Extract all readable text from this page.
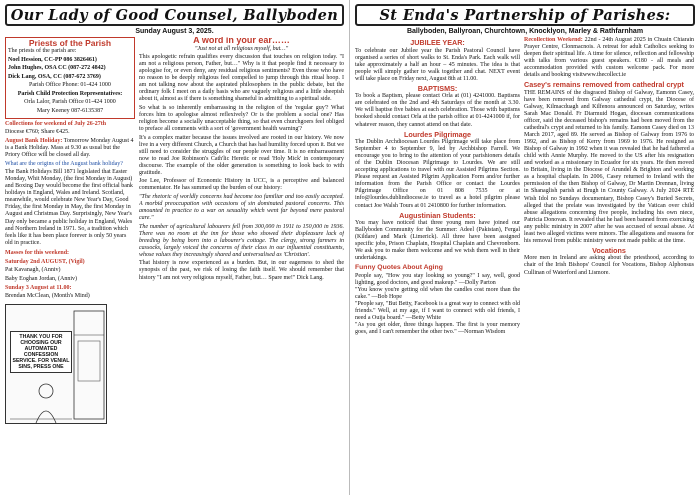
Our Lady of Good Counsel, Ballyboden
Sunday August 3, 2025.
Priests of the Parish
The priests of the parish are:
Noel Hession, CC-PP 086 3826461)
John Hughes, OSA CC (087-272 4842)
Dick Lang, OSA, CC (087-672 3769)
Parish Office Phone: 01-424 1000
Parish Child Protection Representatives:
Orla Lalor, Parish Office 01-424 1000
Mary Keeney 087-6135387
Collections for weekend of July 26-27th

Diocese €760; Share €425.

August Bank Holiday: Tomorrow Monday August 4 is a Bank Holiday. Mass at 9.30 as usual but the Priory Office will be closed all day.

What are the origins of the August bank holiday?

The Bank Holidays Bill 1871 legislated that Easter Monday, Whit Monday, (the first Monday in August) and Boxing Day would become the first official bank holidays in England, Wales and Ireland. Scotland, meanwhile, would celebrate New Year's Day, Good Friday, the first Monday in May, the first Monday in August and Christmas Day. Surprisingly, New Year's Day only became a public holiday in England, Wales and Northern Ireland in 1971. So, a tradition which feels like it has been place forever is only 50 years old in practice.

Masses for this weekend:
Saturday 2nd AUGUST, (Vigil)
Pat Kavanagh, (Anniv)
Baby Eoghan Jordan, (Anniv)
Sunday 3 August at 11.00:
Brendan McClean, (Month's Mind)
THANK YOU FOR CHOOSING OUR AUTOMATED CONFESSION SERVICE. FOR VENIAL SINS, PRESS ONE
A word in your ear……
"Just not at all religious myself, but…"

This apologetic refrain qualifies every discussion that touches on religion today. "I am not a religious person, Father, but…" Why is it that people find it necessary to apologise for, or even deny, any residual religious sentiments? Even those who have no reason to be deeply religious feel compelled to jump through this ritual hoop. I am not talking now about the aspirated philosophers in the public debate, but the ordinary folk I meet on a daily basis who are vaguely religious and a little sheepish about it, almost as if there is something shameful in admitting to a spiritual side.

So what is so inherently embarrassing in the religion of the 'regular guy'? What forces him to apologise almost reflexively? Or is the problem a social one? Has religion become a socially unacceptable thing, so that even churchgoers feel obliged to preface all comments with a sort of 'government health warning'?

It's a complex matter because the issues involved are rooted in our history. We now live in a very different Church, a Church that has had humility forced upon it. But we still need to consider the struggles of our people over time. It is no embarrassment now to read Joe Robinson's Cath'lic Heretic or read 'Holy Mick' in contemporary discourse. The example of the older generation is something to look back to with gratitude.

Joe Lee, Professor of Economic History in UCC, is a perceptive and balanced commentator. He has summed up the burden of our history:

"The rhetoric of worldly concerns had become too familiar and too easily accepted. A morbid preoccupation with occasions of sin dominated pastoral concerns. This amounted in practice to a war on sexuality which went far beyond mere pastoral care."

The number of agricultural labourers fell from 300,000 in 1911 to 150,000 in 1936. There was no room at the inn for those who showed their displeasure lack of breeding by being born into a labourer's cottage. The clergy, strong farmers in cassocks, largely voiced the concerns of their class in our influential constituents, whose values they increasingly shared and universalised as 'Christian'.

That history is now experienced as a burden. But, in our eagerness to shed the synopsis of the past, we risk of losing the faith itself. We should remember that history "I am not very religious myself, Father, but… Spare me!" Dick Lang.

St Enda's Partnership of Parishes:
Ballyboden, Ballyroan, Churchtown, Knocklyon, Marley & Rathfarnham
JUBILEE YEAR:

To celebrate our Jubilee year the Parish Pastoral Council have organised a series of short walks to St. Enda's Park. Each walk will take approximately a half an hour – 45 minutes. The idea is that people will simply gather to walk together and chat. NEXT event will take place on Friday next, August 8th at 11.00.

BAPTISMS:

To book a Baptism, please contact Orla at (01) 4241000. Baptisms are celebrated on the 2nd and 4th Saturdays of the month at 3.30. We will baptise five babies at each celebration. Those with baptisms booked should contact Orla at the parish office at 01-4241000 if, for whatever reason, they cannot attend on that date.

Lourdes Pilgrimage

The Dublin Archdiocesan Lourdes Pilgrimage will take place from September 4 to September 9, led by Archbishop Farrell. We encourage you to bring to the attention of your parishioners details of the Dublin Diocesan Pilgrimage to Lourdes. We are still accepting applications to travel with our Assisted Pilgrims Section. Please request an Assisted Pilgrim Application Form and/or further information from the Parish Office or contact the Lourdes Pilgrimage Office on 01 808 7535 or at info@lourdes.dublindiocese.ie to travel as a hotel pilgrim please contact Joe Walsh Tours at 01 2410800 for further information.

Augustinian Students:

You may have noticed that three young men have joined our Ballyboden Community for the Summer: Adeel (Pakistan), Fergal (Kildare) and Mark (Limerick). All three have been assigned specific jobs, Prison Chaplain, Hospital Chaplain and Chevronborn. We ask you to make them welcome and we wish them well in their undertakings.

Funny Quotes About Aging

People say, "How you stay looking so young?" I say, well, good lighting, good doctors, and good makeup." —Dolly Parton
"You know you're getting old when the candles cost more than the cake." —Bob Hope
"People say, "But Betty, Facebook is a great way to connect with old friends." Well, at my age, if I want to connect with old friends, I need a Ouija board." —Betty White
"As you get older, three things happen. The first is your memory goes, and I can't remember the other two." —Norman Wisdom

Recollection Weekend: 22nd - 24th August 2025 in Chuain Chiarain Prayer Centre, Clonmacnois. A retreat for adult Catholics seeking to deepen their spiritual life. A time for silence, reflection and fellowship with talks from various guest speakers. €180 - all meals and accommodation provided with custom welcome pack. For more details and booking visitwww.thecollect.ie

Casey's remains removed from cathedral crypt

THE REMAINS of the disgraced Bishop of Galway, Eamonn Casey, have been removed from Galway cathedral crypt, the Diocese of Galway, Kilmacduagh and Kilfenora announced on Saturday, writes Sarah Mac Donald. Fr Diarmuid Hogan, diocesan communications officer, said the deceased bishop's remains had been moved from the cathedral's crypt and returned to his family. Eamonn Casey died on 13 March 2017, aged 89. He served as Bishop of Galway from 1976 to 1992, and as Bishop of Kerry from 1969 to 1976. He resigned as Bishop of Galway in 1992 when it was revealed that he had fathered a child with Annie Murphy. He moved to the US after his resignation and worked as a missionary in Ecuador for six years. He then moved to Britain, living in the Diocese of Arundel & Brighton and working as a hospital chaplain. In 2006, Casey returned to Ireland with the permission of the then Bishop of Galway, Dr Martin Drennan, living in Shanaglish parish at Brugh in County Galway. A July 2024 RTÉ Wish Idol no Sundays documentary, Bishop Casey's Buried Secrets, alleged that the prelate was investigated by the Vatican over child abuse allegations concerning five people, including his own niece, Patricia Donovan. It revealed that he had been banned from exercising any public ministry in 2007 after he was accused of sexual abuse. At least two alleged victims were minors. The allegations and reasons for his removal from public ministry were not made public at the time.

Vocations

More men in Ireland are asking about the priesthood, according to chair of the Irish Bishops' Council for Vocations, Bishop Alphonsus Cullinan of Waterford and Lismore.
